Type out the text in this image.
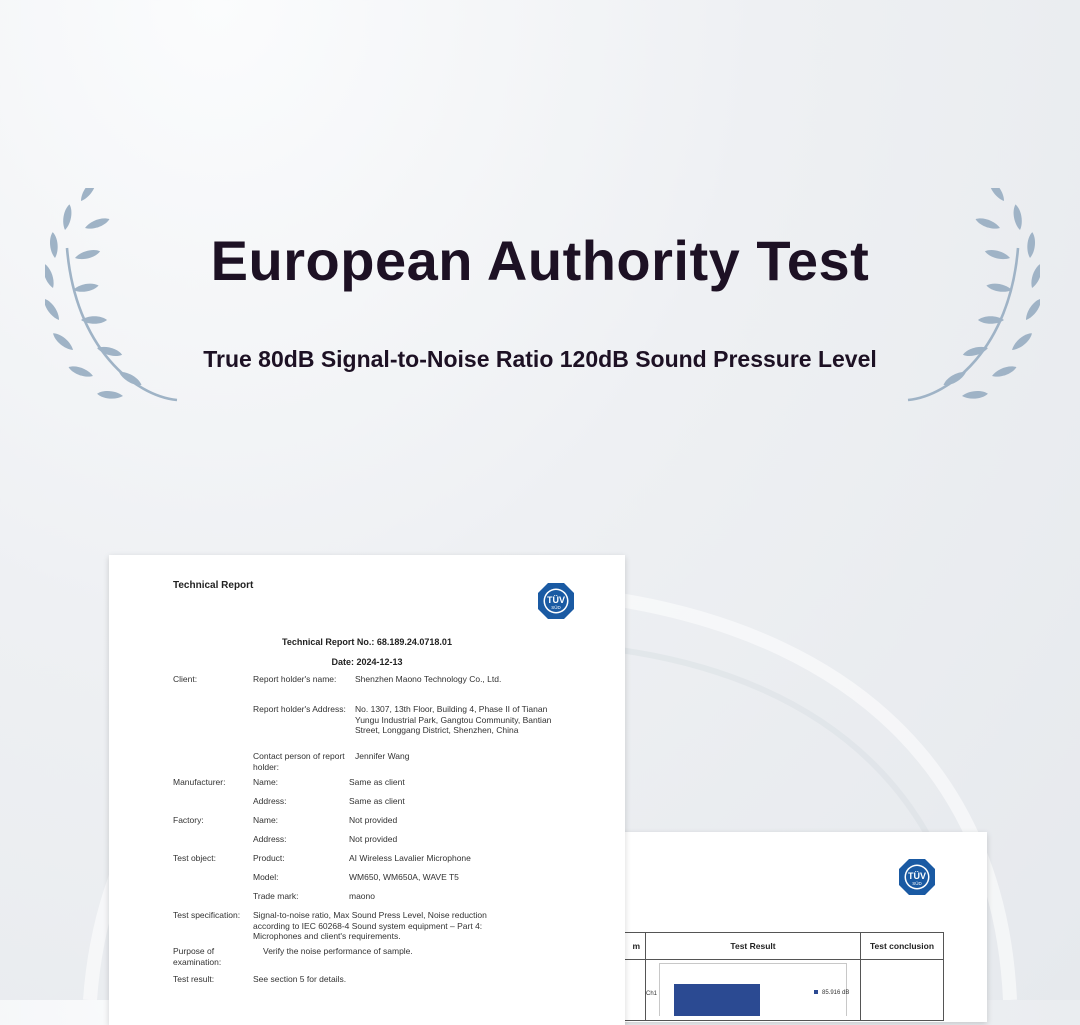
European Authority Test

True 80dB Signal-to-Noise Ratio 120dB Sound Pressure Level

TÜV
SÜD
m	Test Result	Test conclusion

	Ch1 85.916 dB	

Technical Report
TÜV
SÜD
Technical Report No.: 68.189.24.0718.01
Date: 2024-12-13
Client:	Report holder's name:	Shenzhen Maono Technology Co., Ltd.
Report holder's Address:	No. 1307, 13th Floor, Building 4, Phase II of Tianan Yungu Industrial Park, Gangtou Community, Bantian Street, Longgang District, Shenzhen, China
Contact person of report holder:
Jennifer Wang
Manufacturer:	Name:	Same as client
Address:	Same as client
Factory:	Name:	Not provided
Address:	Not provided
Test object:	Product:	AI Wireless Lavalier Microphone
Model:	WM650, WM650A, WAVE T5
Trade mark:	maono
Test specification:	Signal-to-noise ratio, Max Sound Press Level, Noise reduction according to IEC 60268-4 Sound system equipment – Part 4: Microphones and client's requirements.
Purpose of examination:
Verify the noise performance of sample.
Test result:	See section 5 for details.
